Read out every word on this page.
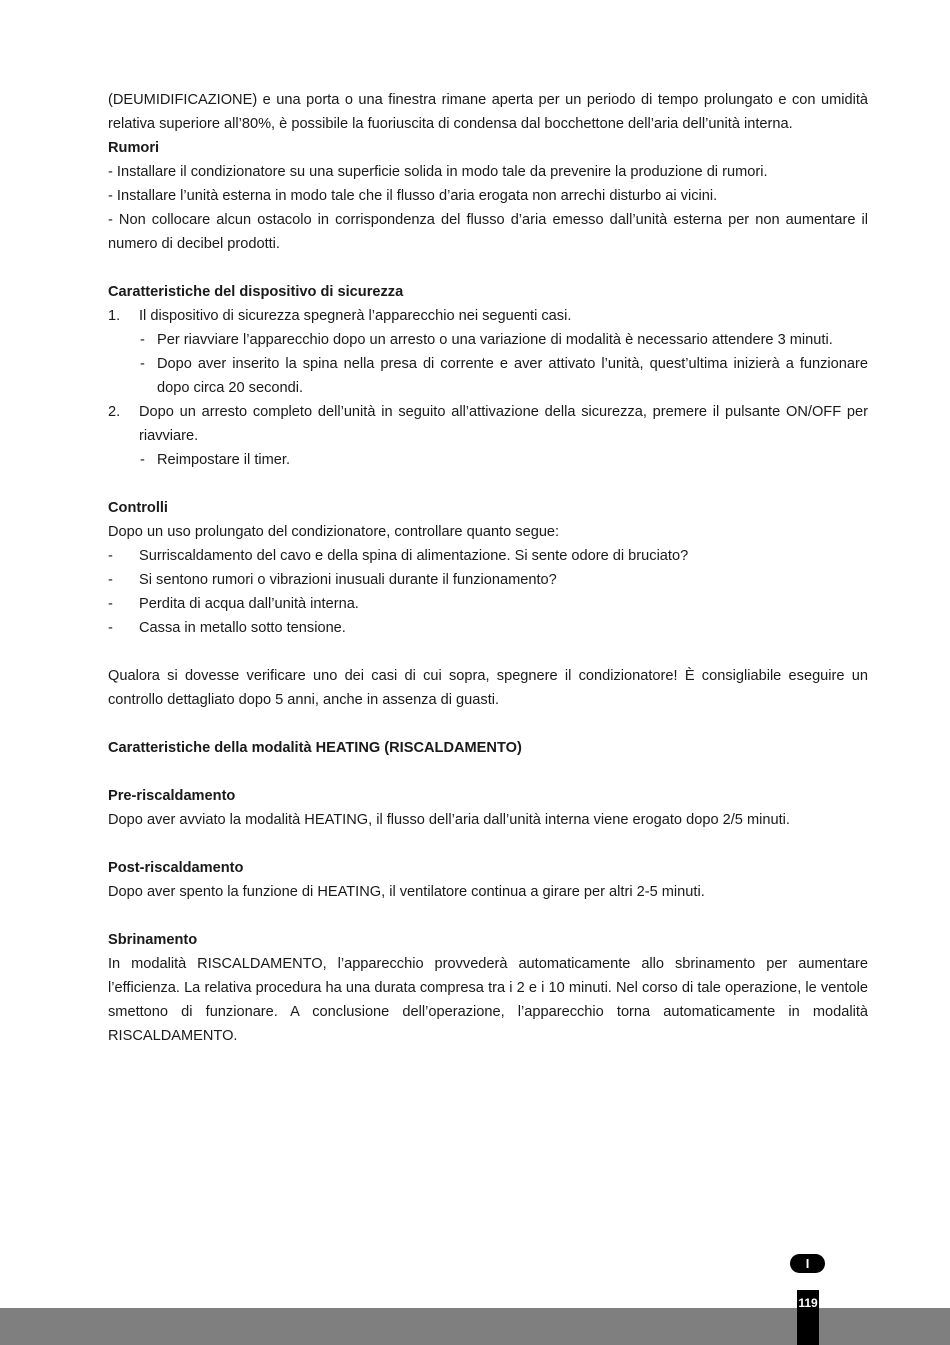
(DEUMIDIFICAZIONE) e una porta o una finestra rimane aperta per un periodo di tempo prolungato e con umidità relativa superiore all’80%, è possibile la fuoriuscita di condensa dal bocchettone dell’aria dell’unità interna.

Rumori

- Installare il condizionatore su una superficie solida in modo tale da prevenire la produzione di rumori.

- Installare l’unità esterna in modo tale che il flusso d’aria erogata non arrechi disturbo ai vicini.

- Non collocare alcun ostacolo in corrispondenza del flusso d’aria emesso dall’unità esterna per non aumentare il numero di decibel prodotti.

Caratteristiche del dispositivo di sicurezza

1.	Il dispositivo di sicurezza spegnerà l’apparecchio nei seguenti casi.
- Per riavviare l’apparecchio dopo un arresto o una variazione di modalità è necessario attendere 3 minuti.
- Dopo aver inserito la spina nella presa di corrente e aver attivato l’unità, quest’ultima inizierà a funzionare dopo circa 20 secondi.
2.	Dopo un arresto completo dell’unità in seguito all’attivazione della sicurezza, premere il pulsante ON/OFF per riavviare.
- Reimpostare il timer.

Controlli

Dopo un uso prolungato del condizionatore, controllare quanto segue:

-	Surriscaldamento del cavo e della spina di alimentazione. Si sente odore di bruciato?
-	Si sentono rumori o vibrazioni inusuali durante il funzionamento?
-	Perdita di acqua dall’unità interna.
-	Cassa in metallo sotto tensione.

Qualora si dovesse verificare uno dei casi di cui sopra, spegnere il condizionatore! È consigliabile eseguire un controllo dettagliato dopo 5 anni, anche in assenza di guasti.

Caratteristiche della modalità HEATING (RISCALDAMENTO)

Pre-riscaldamento

Dopo aver avviato la modalità HEATING, il flusso dell’aria dall’unità interna viene erogato dopo 2/5 minuti.

Post-riscaldamento

Dopo aver spento la funzione di HEATING, il ventilatore continua a girare per altri 2-5 minuti.

Sbrinamento

In modalità RISCALDAMENTO, l’apparecchio provvederà automaticamente allo sbrinamento per aumentare l’efficienza. La relativa procedura ha una durata compresa tra i 2 e i 10 minuti. Nel corso di tale operazione, le ventole smettono di funzionare. A conclusione dell’operazione, l’apparecchio torna automaticamente in modalità RISCALDAMENTO.

I
119
